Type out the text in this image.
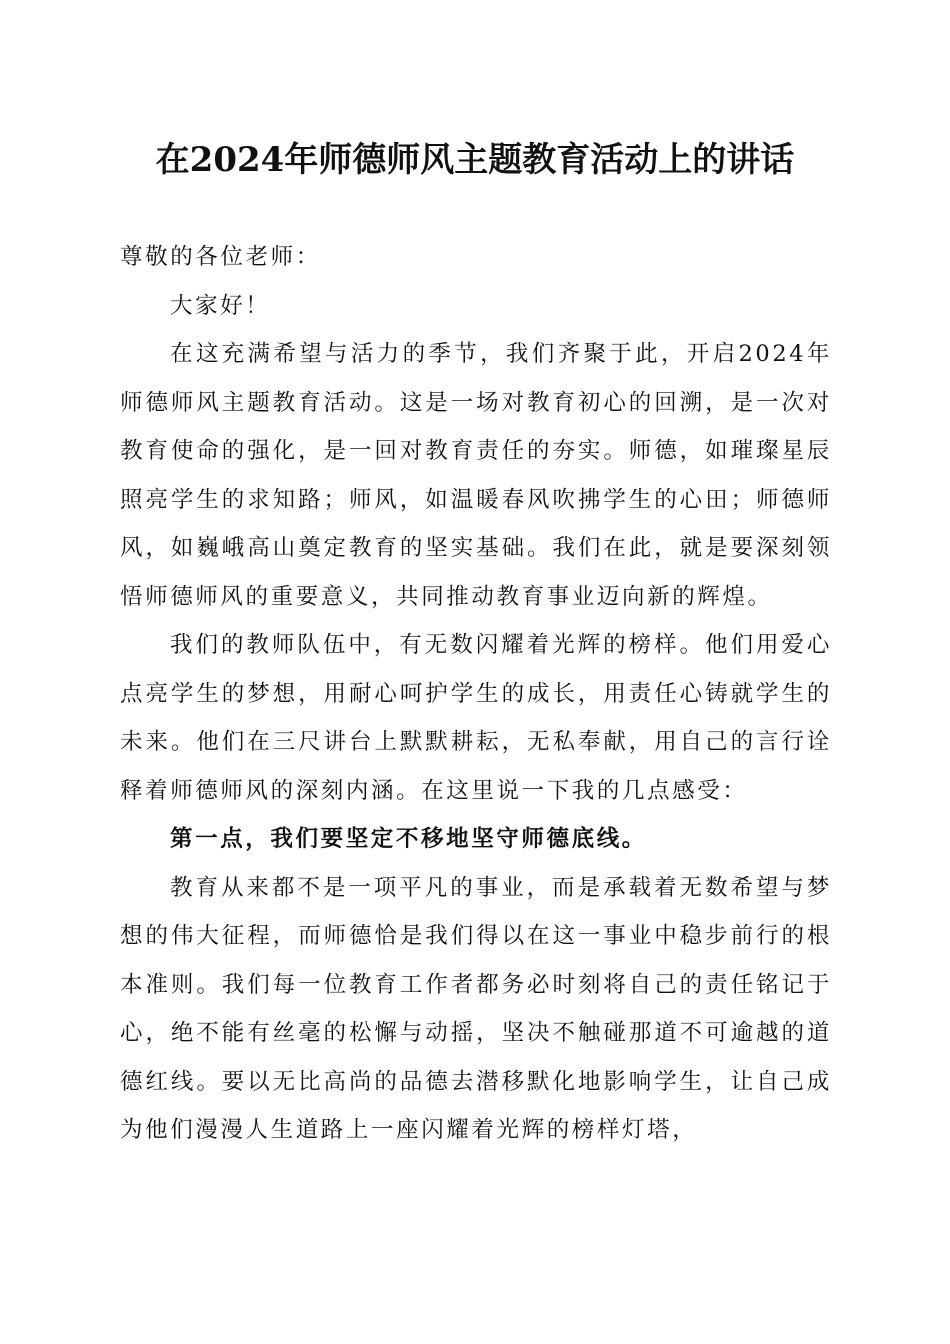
在2024年师德师风主题教育活动上的讲话

尊敬的各位老师：

大家好！

在这充满希望与活力的季节，我们齐聚于此，开启2024年师德师风主题教育活动。这是一场对教育初心的回溯，是一次对教育使命的强化，是一回对教育责任的夯实。师德，如璀璨星辰照亮学生的求知路；师风，如温暖春风吹拂学生的心田；师德师风，如巍峨高山奠定教育的坚实基础。我们在此，就是要深刻领悟师德师风的重要意义，共同推动教育事业迈向新的辉煌。

我们的教师队伍中，有无数闪耀着光辉的榜样。他们用爱心点亮学生的梦想，用耐心呵护学生的成长，用责任心铸就学生的未来。他们在三尺讲台上默默耕耘，无私奉献，用自己的言行诠释着师德师风的深刻内涵。在这里说一下我的几点感受：

第一点，我们要坚定不移地坚守师德底线。

教育从来都不是一项平凡的事业，而是承载着无数希望与梦想的伟大征程，而师德恰是我们得以在这一事业中稳步前行的根本准则。我们每一位教育工作者都务必时刻将自己的责任铭记于心，绝不能有丝毫的松懈与动摇，坚决不触碰那道不可逾越的道德红线。要以无比高尚的品德去潜移默化地影响学生，让自己成为他们漫漫人生道路上一座闪耀着光辉的榜样灯塔，
